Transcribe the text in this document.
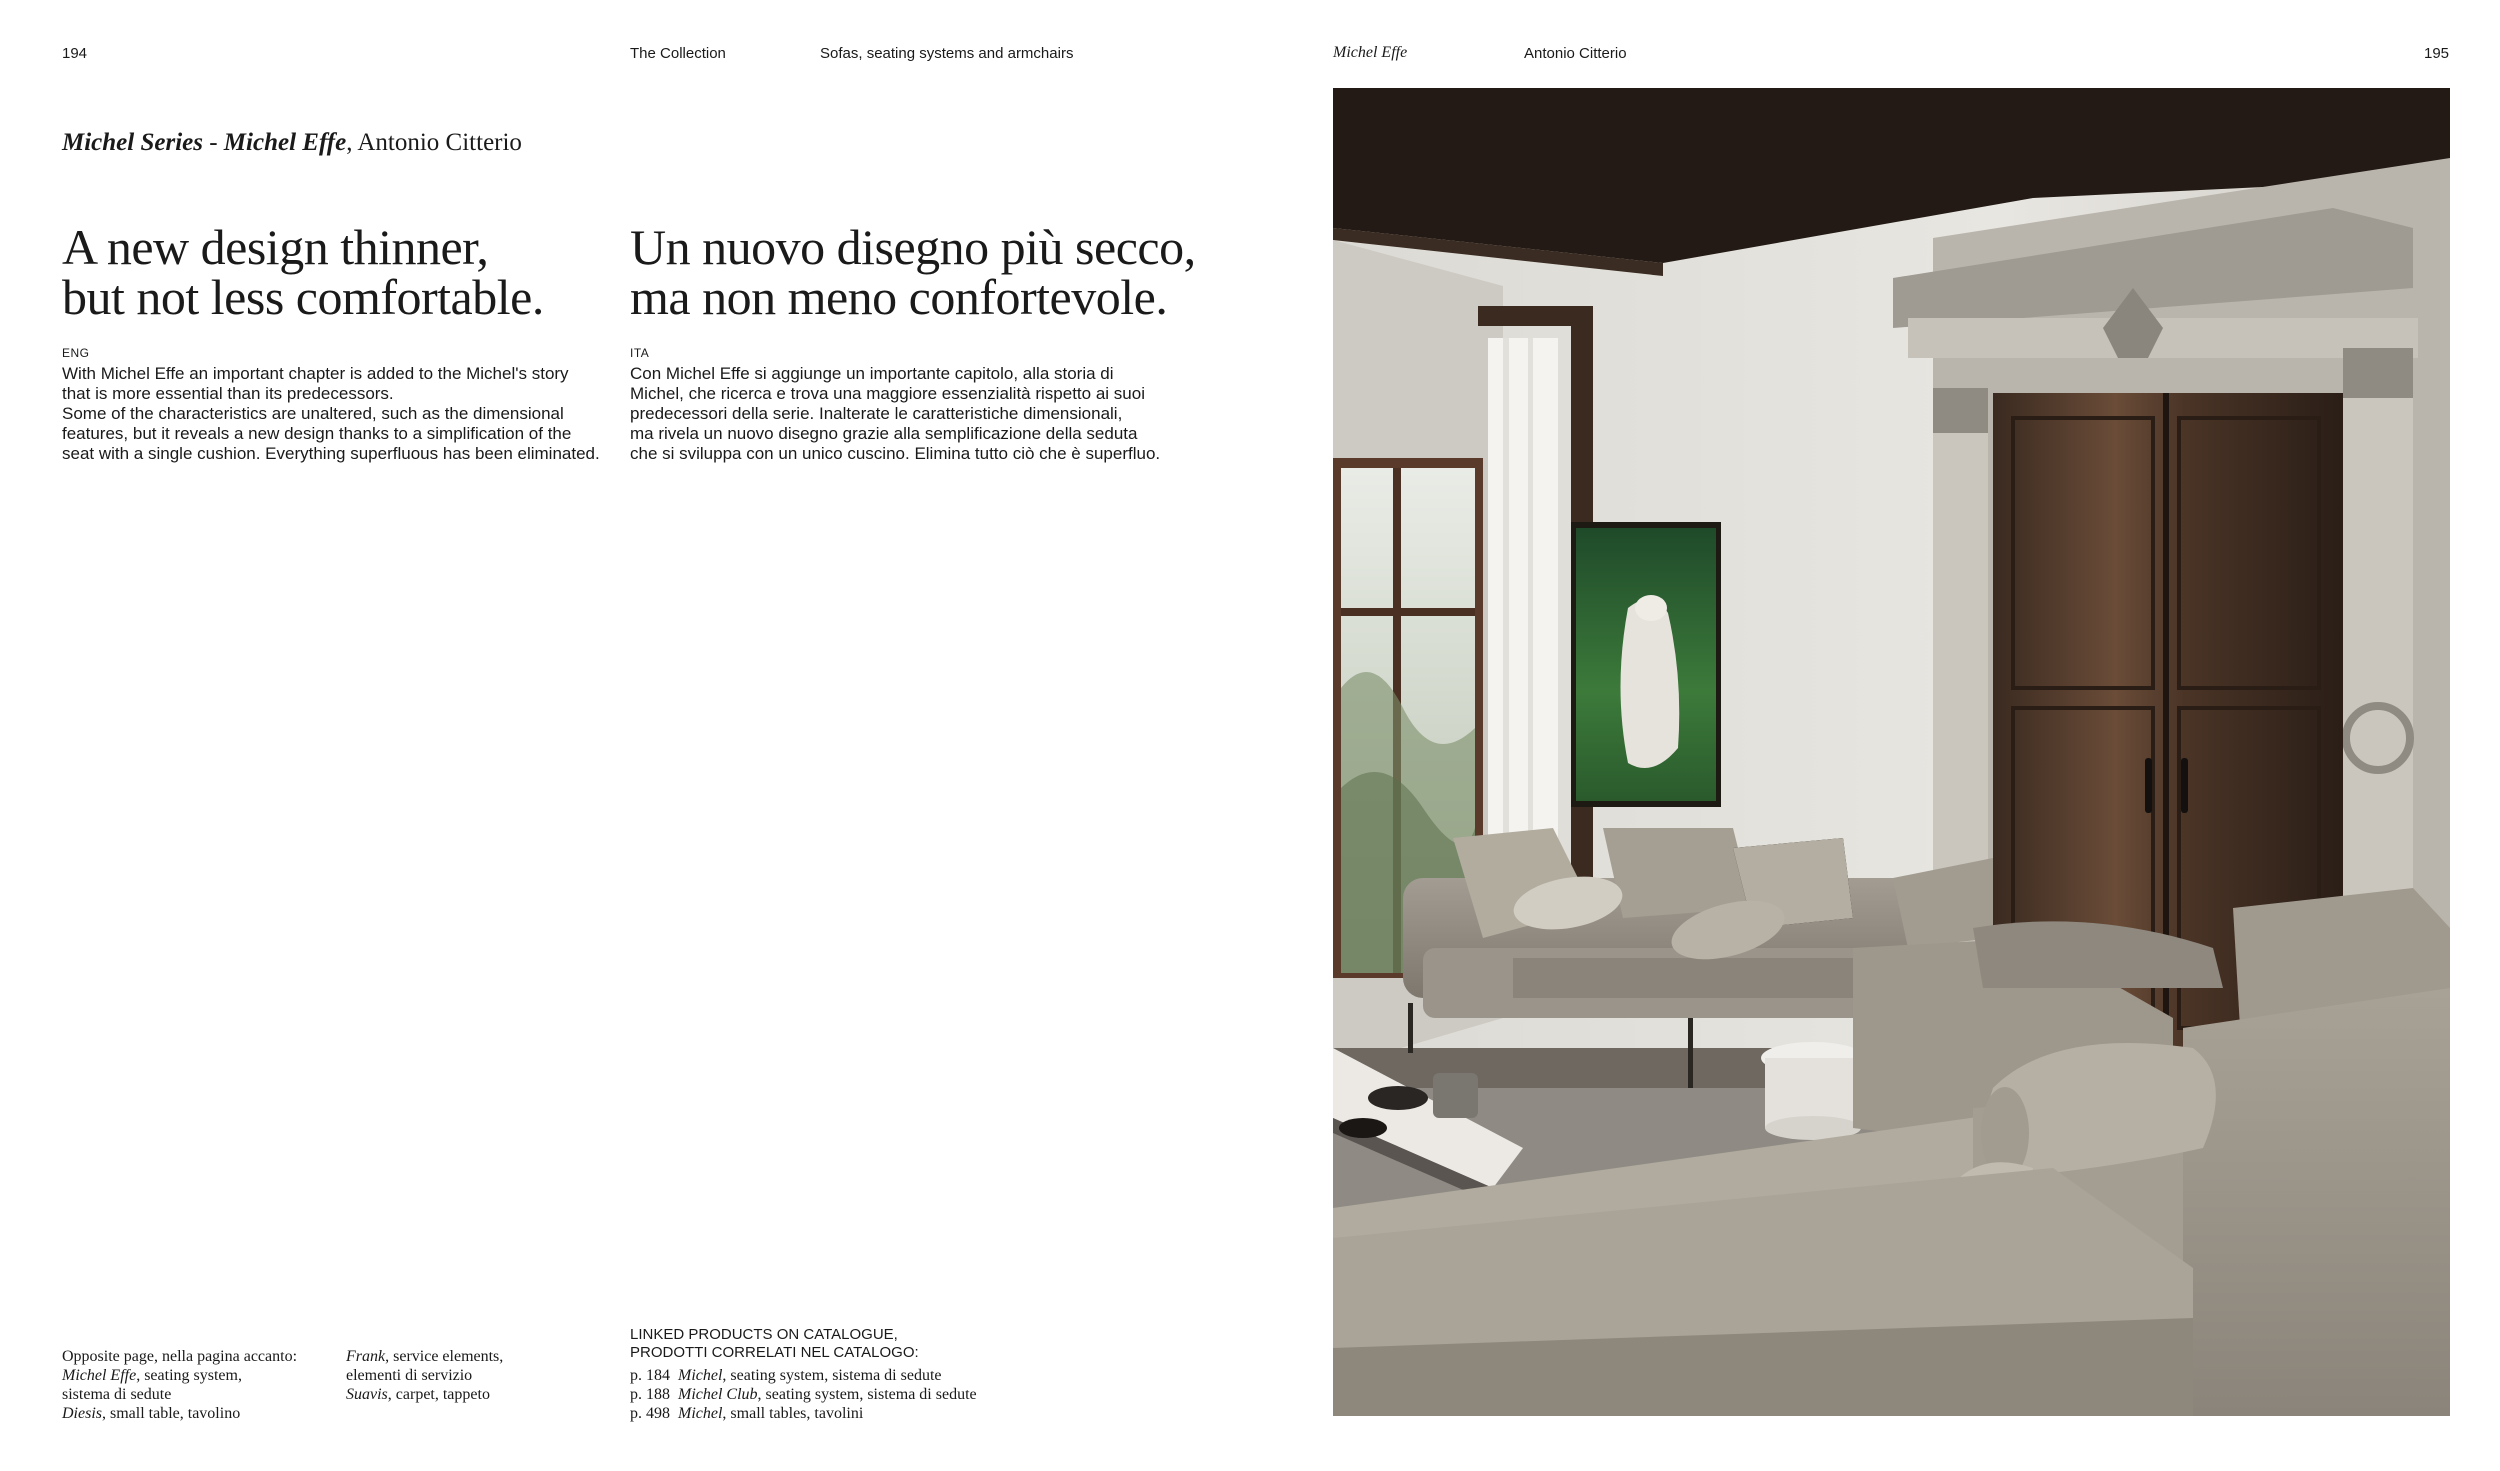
194	The Collection	Sofas, seating systems and armchairs	Michel Effe	Antonio Citterio	195
Michel Series - Michel Effe, Antonio Citterio
A new design thinner,
but not less comfortable.
ENG
With Michel Effe an important chapter is added to the Michel's story
that is more essential than its predecessors.
Some of the characteristics are unaltered, such as the dimensional
features, but it reveals a new design thanks to a simplification of the
seat with a single cushion. Everything superfluous has been eliminated.
Un nuovo disegno più secco,
ma non meno confortevole.
ITA
Con Michel Effe si aggiunge un importante capitolo, alla storia di
Michel, che ricerca e trova una maggiore essenzialità rispetto ai suoi
predecessori della serie. Inalterate le caratteristiche dimensionali,
ma rivela un nuovo disegno grazie alla semplificazione della seduta
che si sviluppa con un unico cuscino. Elimina tutto ciò che è superfluo.
Opposite page, nella pagina accanto:
Michel Effe, seating system,
sistema di sedute
Diesis, small table, tavolino
Frank, service elements,
elementi di servizio
Suavis, carpet, tappeto
LINKED PRODUCTS ON CATALOGUE,
PRODOTTI CORRELATI NEL CATALOGO:
p. 184 Michel, seating system, sistema di sedute
p. 188 Michel Club, seating system, sistema di sedute
p. 498 Michel, small tables, tavolini
